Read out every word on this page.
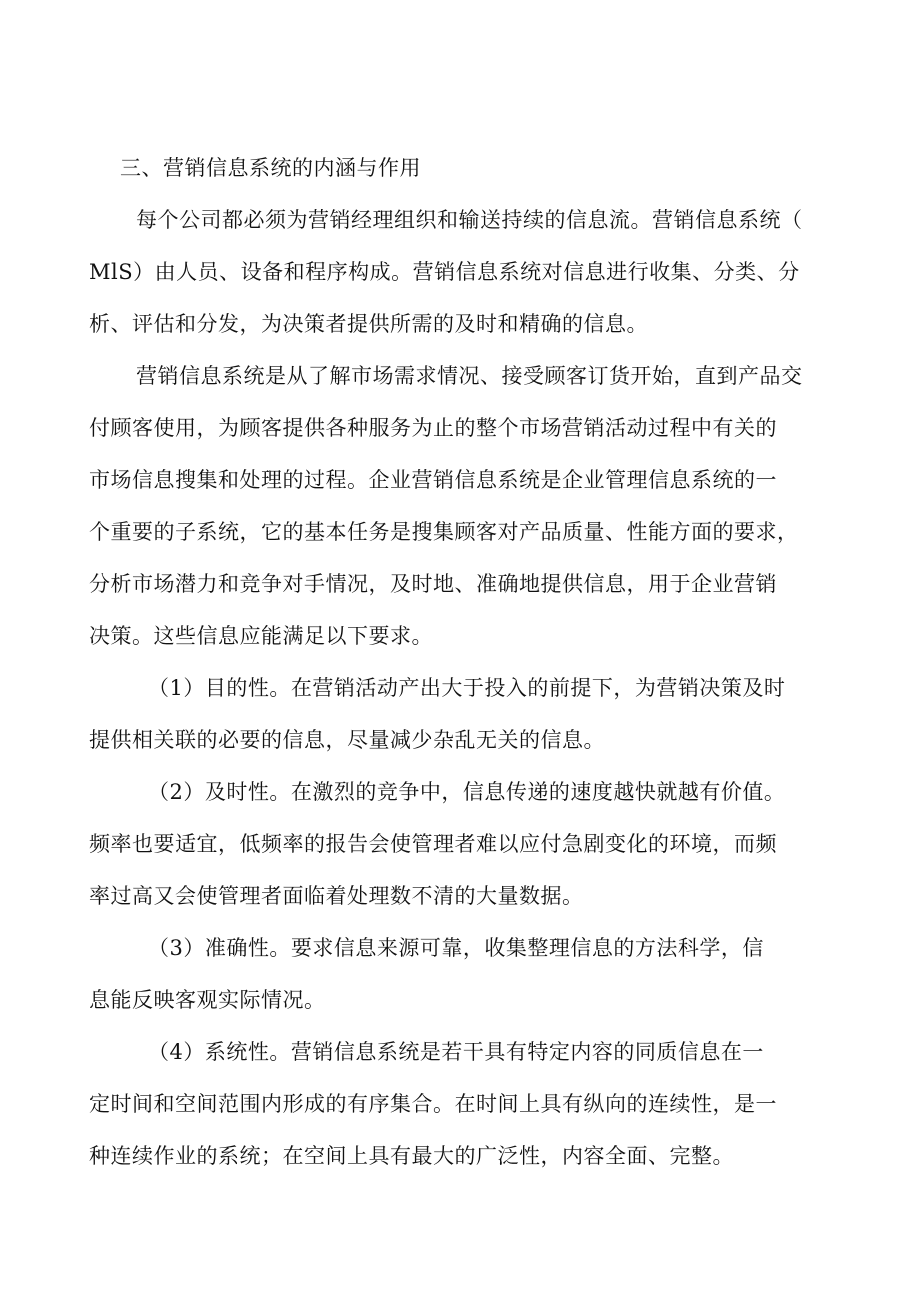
三、营销信息系统的内涵与作用
每个公司都必须为营销经理组织和输送持续的信息流。营销信息系统（
MlS）由人员、设备和程序构成。营销信息系统对信息进行收集、分类、分
析、评估和分发，为决策者提供所需的及时和精确的信息。
营销信息系统是从了解市场需求情况、接受顾客订货开始，直到产品交
付顾客使用，为顾客提供各种服务为止的整个市场营销活动过程中有关的
市场信息搜集和处理的过程。企业营销信息系统是企业管理信息系统的一
个重要的子系统，它的基本任务是搜集顾客对产品质量、性能方面的要求，
分析市场潜力和竞争对手情况，及时地、准确地提供信息，用于企业营销
决策。这些信息应能满足以下要求。
（1）目的性。在营销活动产出大于投入的前提下，为营销决策及时
提供相关联的必要的信息，尽量减少杂乱无关的信息。
（2）及时性。在激烈的竞争中，信息传递的速度越快就越有价值。
频率也要适宜，低频率的报告会使管理者难以应付急剧变化的环境，而频
率过高又会使管理者面临着处理数不清的大量数据。
（3）准确性。要求信息来源可靠，收集整理信息的方法科学，信
息能反映客观实际情况。
（4）系统性。营销信息系统是若干具有特定内容的同质信息在一
定时间和空间范围内形成的有序集合。在时间上具有纵向的连续性，是一
种连续作业的系统；在空间上具有最大的广泛性，内容全面、完整。
